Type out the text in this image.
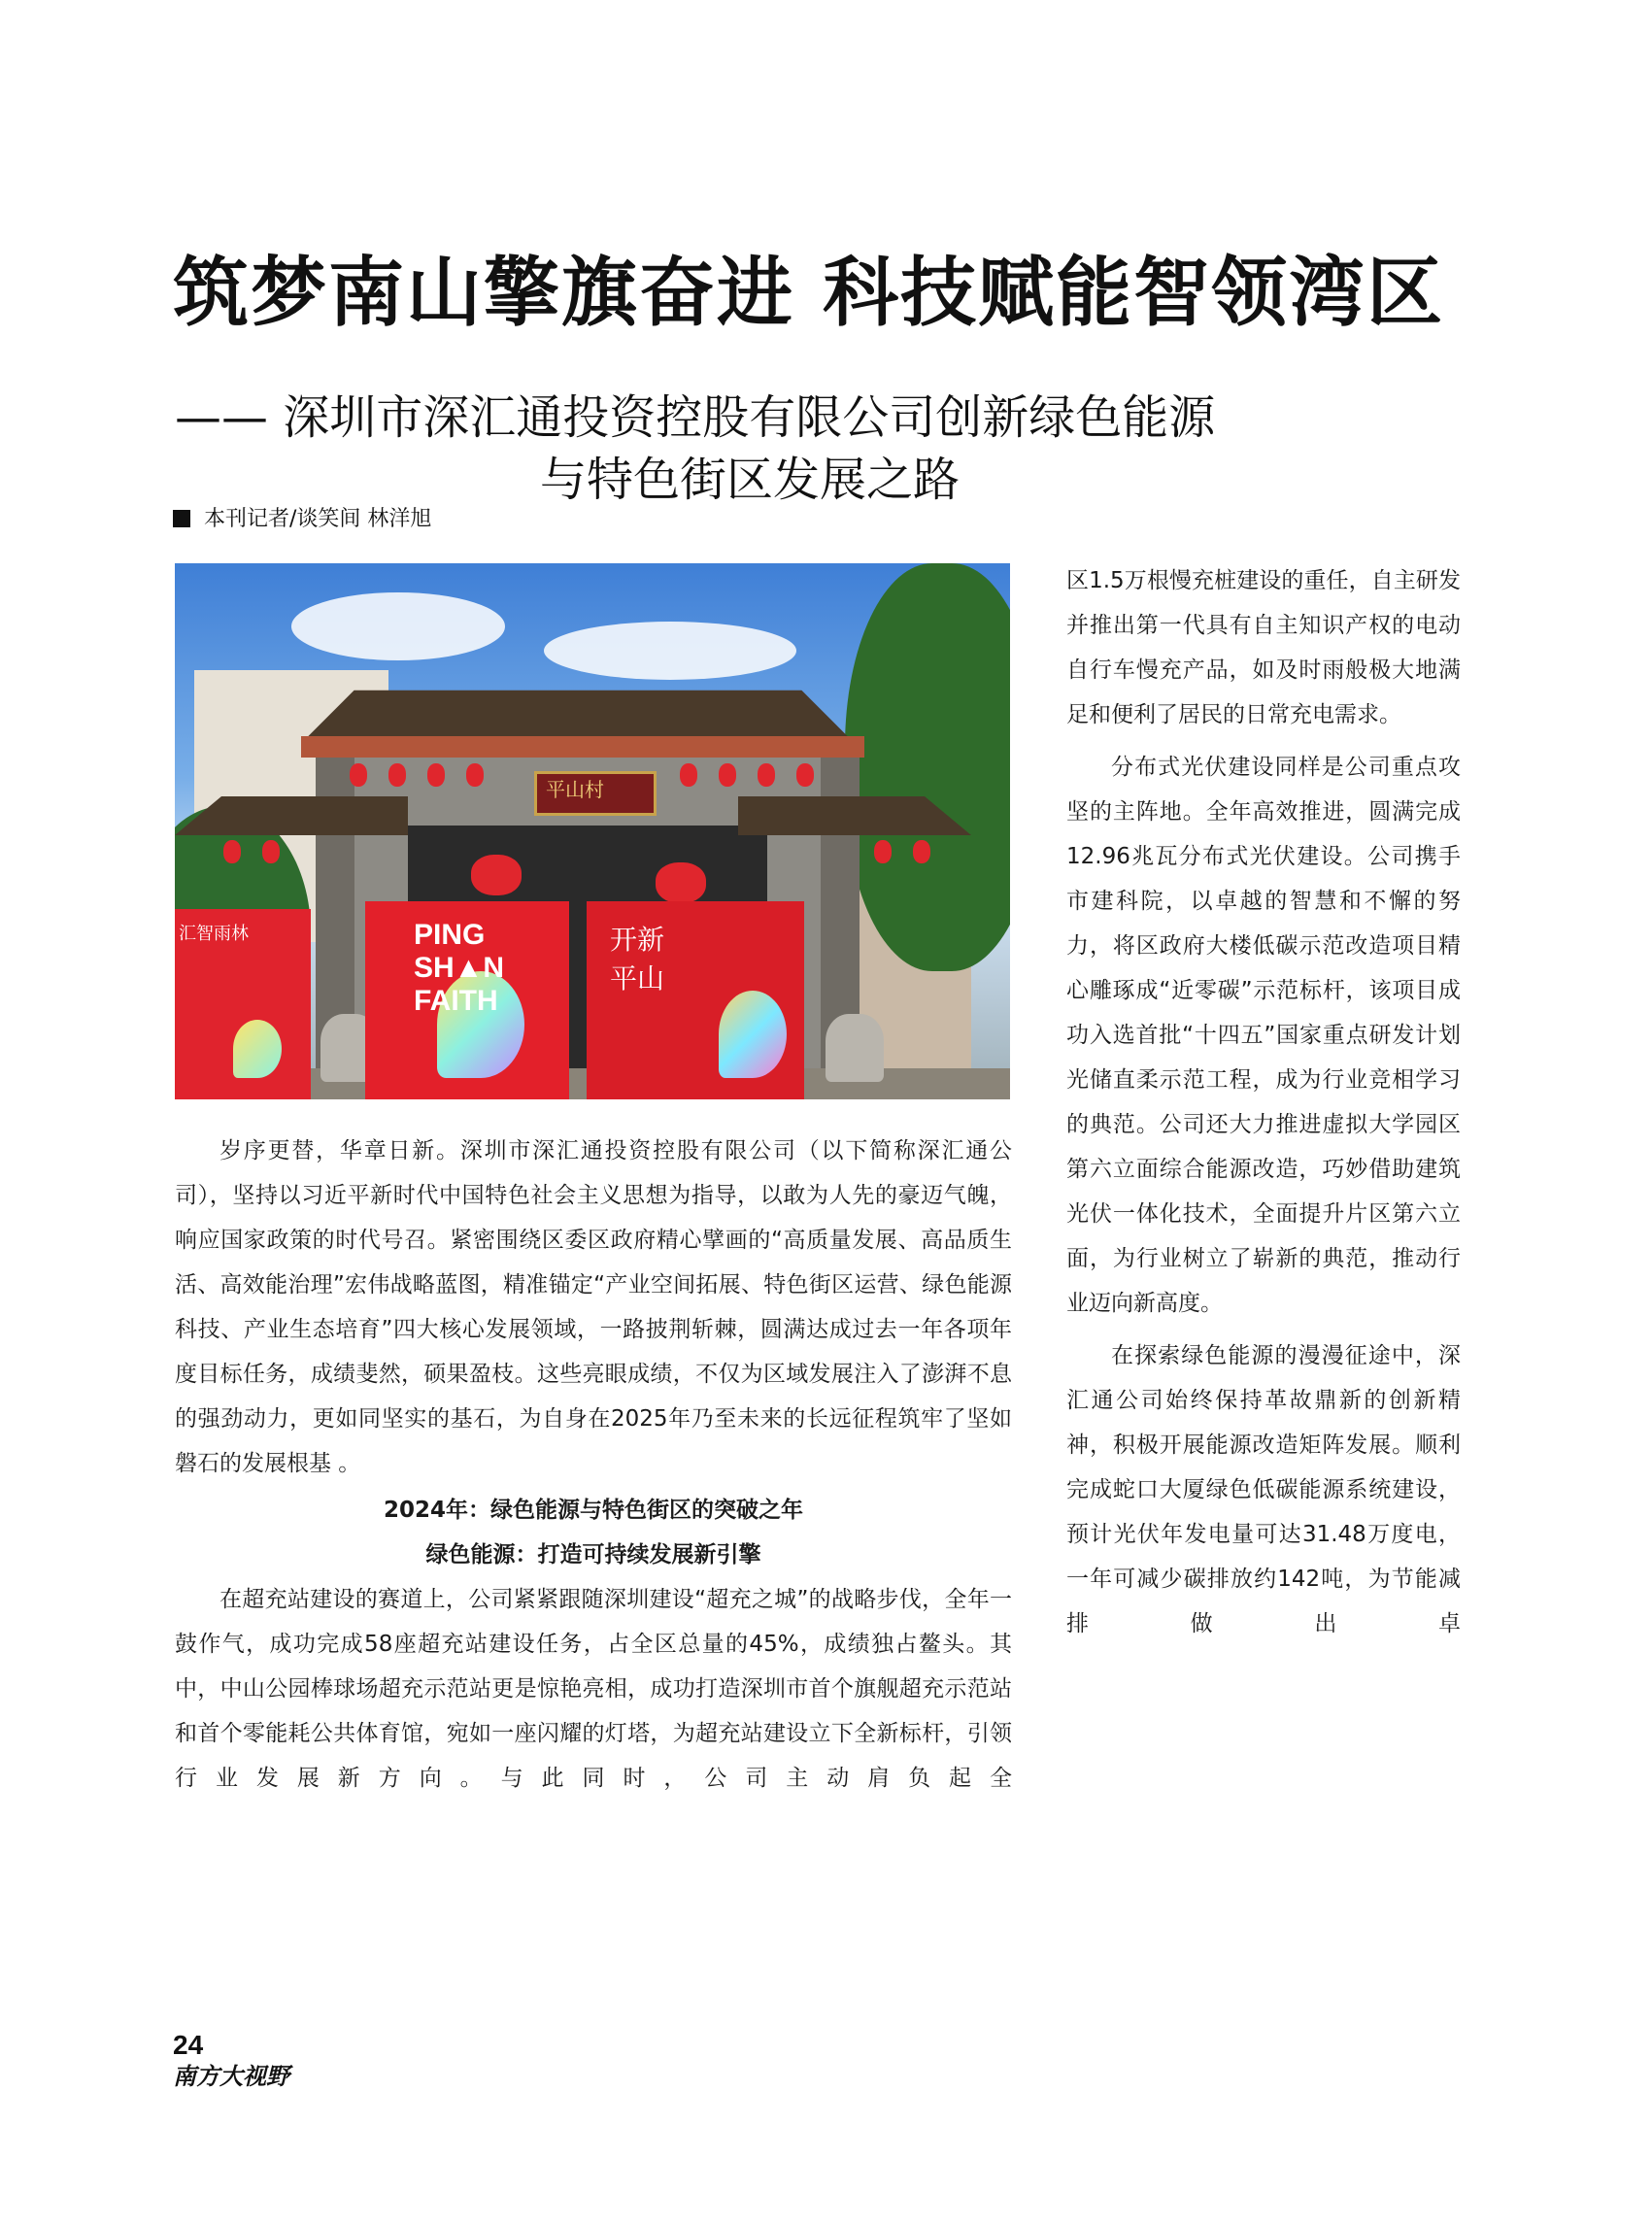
筑梦南山擎旗奋进 科技赋能智领湾区
—— 深圳市深汇通投资控股有限公司创新绿色能源
与特色街区发展之路
本刊记者/谈笑间 林洋旭
PING
SH▲N
FAITH
开新
平山
汇智雨林
平山村

岁序更替，华章日新。深圳市深汇通投资控股有限公司（以下简称深汇通公司），坚持以习近平新时代中国特色社会主义思想为指导，以敢为人先的豪迈气魄，响应国家政策的时代号召。紧密围绕区委区政府精心擘画的“高质量发展、高品质生活、高效能治理”宏伟战略蓝图，精准锚定“产业空间拓展、特色街区运营、绿色能源科技、产业生态培育”四大核心发展领域，一路披荆斩棘，圆满达成过去一年各项年度目标任务，成绩斐然，硕果盈枝。这些亮眼成绩，不仅为区域发展注入了澎湃不息的强劲动力，更如同坚实的基石，为自身在2025年乃至未来的长远征程筑牢了坚如磐石的发展根基 。

2024年：绿色能源与特色街区的突破之年

绿色能源：打造可持续发展新引擎

在超充站建设的赛道上，公司紧紧跟随深圳建设“超充之城”的战略步伐，全年一鼓作气，成功完成58座超充站建设任务，占全区总量的45%，成绩独占鳌头。其中，中山公园棒球场超充示范站更是惊艳亮相，成功打造深圳市首个旗舰超充示范站和首个零能耗公共体育馆，宛如一座闪耀的灯塔，为超充站建设立下全新标杆，引领行业发展新方向。与此同时，公司主动肩负起全

区1.5万根慢充桩建设的重任，自主研发并推出第一代具有自主知识产权的电动自行车慢充产品，如及时雨般极大地满足和便利了居民的日常充电需求。

分布式光伏建设同样是公司重点攻坚的主阵地。全年高效推进，圆满完成12.96兆瓦分布式光伏建设。公司携手市建科院，以卓越的智慧和不懈的努力，将区政府大楼低碳示范改造项目精心雕琢成“近零碳”示范标杆，该项目成功入选首批“十四五”国家重点研发计划光储直柔示范工程，成为行业竞相学习的典范。公司还大力推进虚拟大学园区第六立面综合能源改造，巧妙借助建筑光伏一体化技术，全面提升片区第六立面，为行业树立了崭新的典范，推动行业迈向新高度。

在探索绿色能源的漫漫征途中，深汇通公司始终保持革故鼎新的创新精神，积极开展能源改造矩阵发展。顺利完成蛇口大厦绿色低碳能源系统建设，预计光伏年发电量可达31.48万度电，一年可减少碳排放约142吨，为节能减排做出卓

24
南方大视野
